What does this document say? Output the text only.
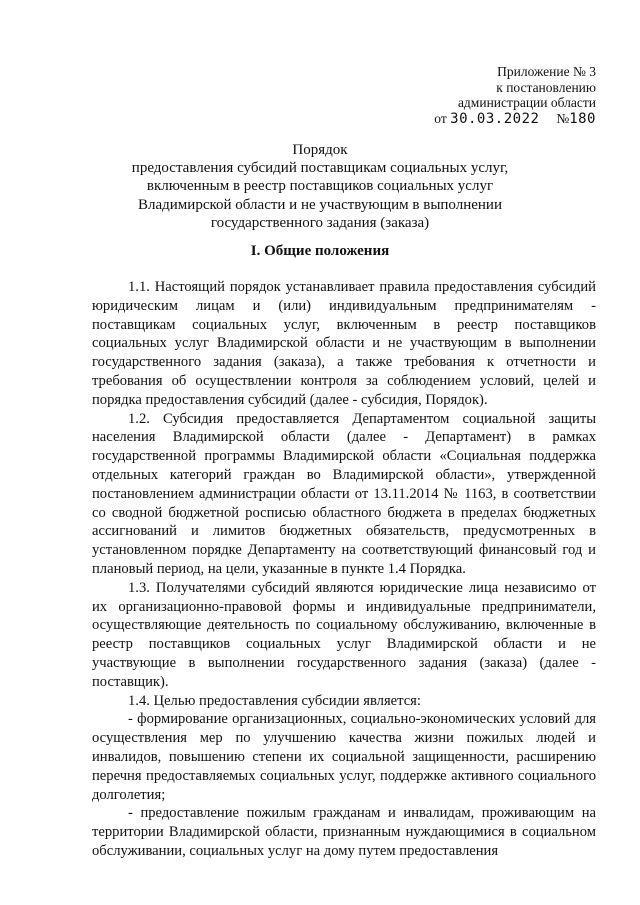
Приложение № 3
к постановлению
администрации области
от 30.03.2022 №180
Порядок
предоставления субсидий поставщикам социальных услуг,
включенным в реестр поставщиков социальных услуг
Владимирской области и не участвующим в выполнении
государственного задания (заказа)
I. Общие положения

1.1. Настоящий порядок устанавливает правила предоставления субсидий юридическим лицам и (или) индивидуальным предпринимателям - поставщикам социальных услуг, включенным в реестр поставщиков социальных услуг Владимирской области и не участвующим в выполнении государственного задания (заказа), а также требования к отчетности и требования об осуществлении контроля за соблюдением условий, целей и порядка предоставления субсидий (далее - субсидия, Порядок).

1.2. Субсидия предоставляется Департаментом социальной защиты населения Владимирской области (далее - Департамент) в рамках государственной программы Владимирской области «Социальная поддержка отдельных категорий граждан во Владимирской области», утвержденной постановлением администрации области от 13.11.2014 № 1163, в соответствии со сводной бюджетной росписью областного бюджета в пределах бюджетных ассигнований и лимитов бюджетных обязательств, предусмотренных в установленном порядке Департаменту на соответствующий финансовый год и плановый период, на цели, указанные в пункте 1.4 Порядка.

1.3. Получателями субсидий являются юридические лица независимо от их организационно-правовой формы и индивидуальные предприниматели, осуществляющие деятельность по социальному обслуживанию, включенные в реестр поставщиков социальных услуг Владимирской области и не участвующие в выполнении государственного задания (заказа) (далее - поставщик).

1.4. Целью предоставления субсидии является:

- формирование организационных, социально-экономических условий для осуществления мер по улучшению качества жизни пожилых людей и инвалидов, повышению степени их социальной защищенности, расширению перечня предоставляемых социальных услуг, поддержке активного социального долголетия;

- предоставление пожилым гражданам и инвалидам, проживающим на территории Владимирской области, признанным нуждающимися в социальном обслуживании, социальных услуг на дому путем предоставления
